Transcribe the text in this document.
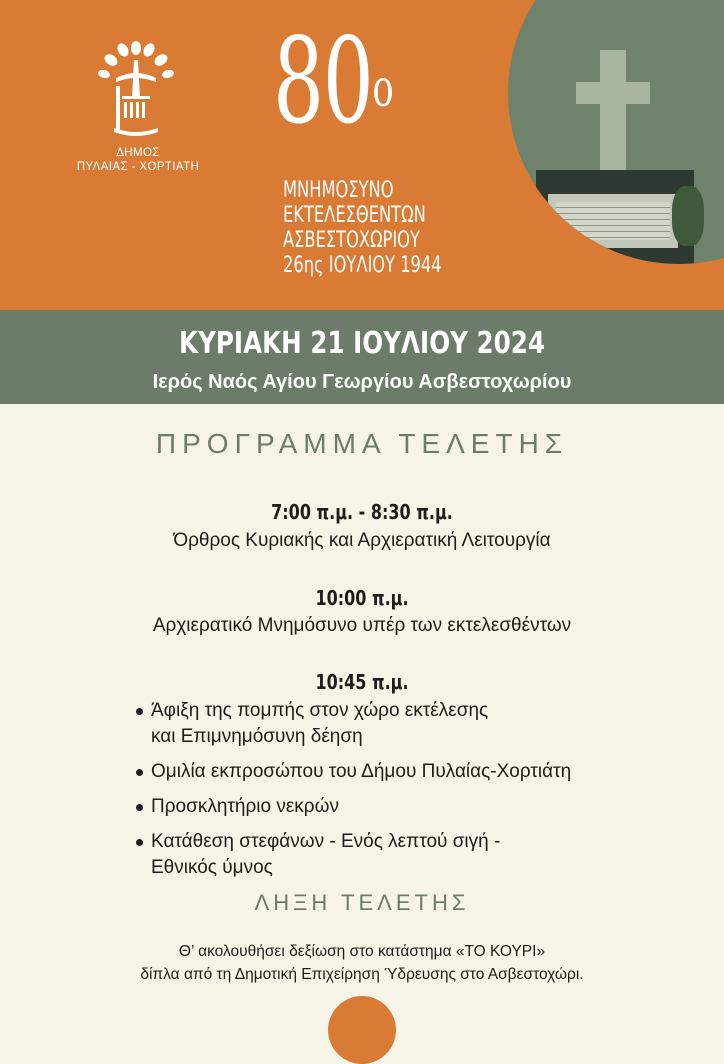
ΔΗΜΟΣ
ΠΥΛΑΙΑΣ - ΧΟΡΤΙΑΤΗ
$80^o$
ΜΝΗΜΟΣΥΝΟ
ΕΚΤΕΛΕΣΘΕΝΤΩΝ
ΑΣΒΕΣΤΟΧΩΡΙΟΥ
26ης ΙΟΥΛΙΟΥ 1944
ΚΥΡΙΑΚΗ 21 ΙΟΥΛΙΟΥ 2024
Ιερός Ναός Αγίου Γεωργίου Ασβεστοχωρίου
ΠΡΟΓΡΑΜΜΑ ΤΕΛΕΤΗΣ
7:00 π.μ. - 8:30 π.μ.
Όρθρος Κυριακής και Αρχιερατική Λειτουργία
10:00 π.μ.
Αρχιερατικό Μνημόσυνο υπέρ των εκτελεσθέντων
10:45 π.μ.
Άφιξη της πομπής στον χώρο εκτέλεσης
και Επιμνημόσυνη δέηση
Ομιλία εκπροσώπου του Δήμου Πυλαίας-Χορτιάτη
Προσκλητήριο νεκρών
Κατάθεση στεφάνων - Ενός λεπτού σιγή -
Εθνικός ύμνος
ΛΗΞΗ ΤΕΛΕΤΗΣ
Θ’ ακολουθήσει δεξίωση στο κατάστημα «ΤΟ ΚΟΥΡΙ»
δίπλα από τη Δημοτική Επιχείρηση Ύδρευσης στο Ασβεστοχώρι.
